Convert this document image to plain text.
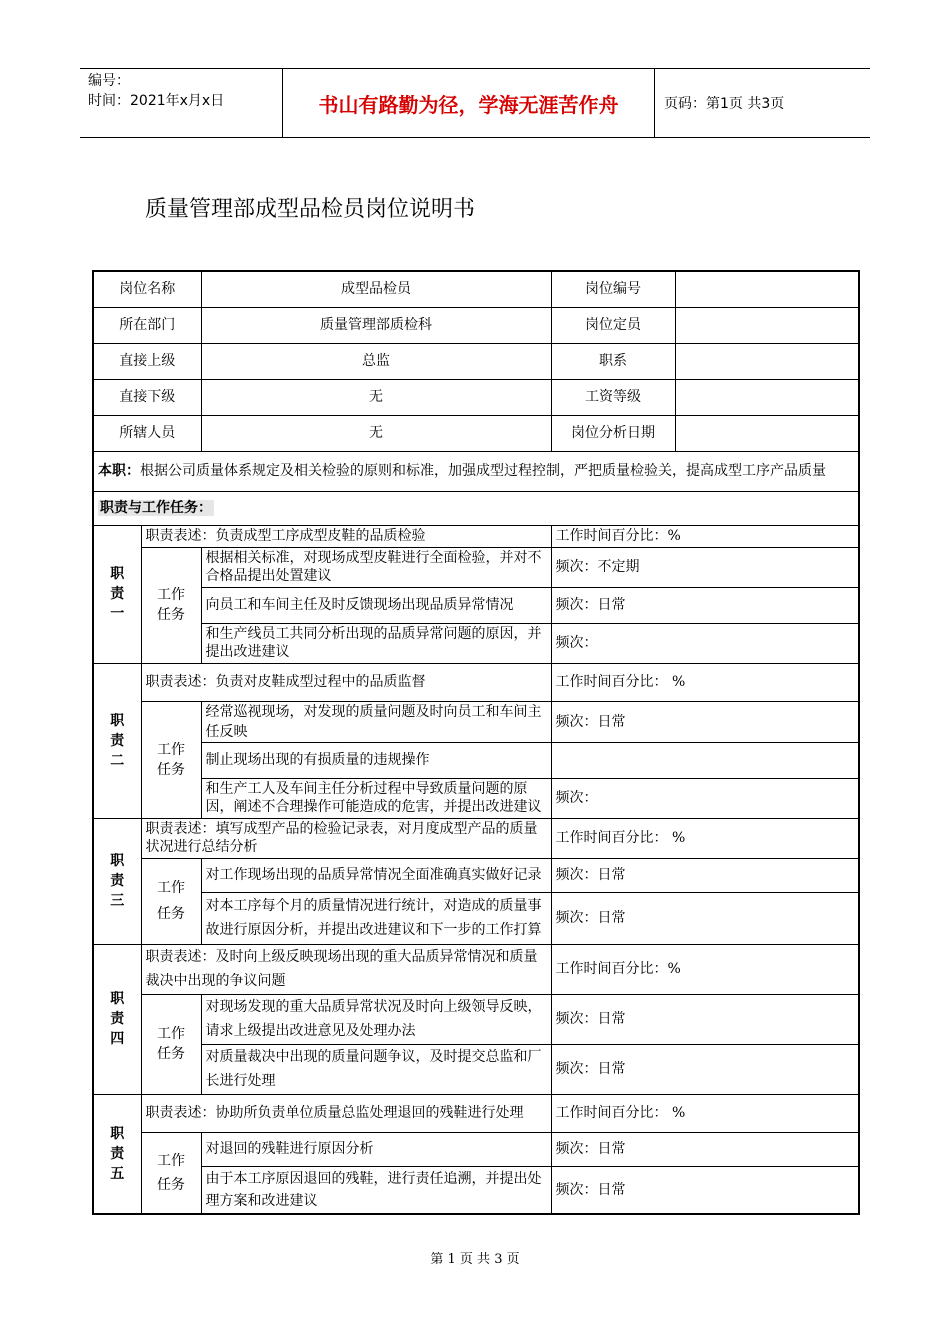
编号：
时间：2021年x月x日	书山有路勤为径，学海无涯苦作舟	页码：第1页 共3页
质量管理部成型品检员岗位说明书
岗位名称		成型品检员	岗位编号	
所在部门		质量管理部质检科	岗位定员	
直接上级		总监	职系	
直接下级		无	工资等级	
所辖人员		无	岗位分析日期	
本职：根据公司质量体系规定及相关检验的原则和标准，加强成型过程控制，严把质量检验关，提高成型工序产品质量				
职责与工作任务：				
职责一	职责表述：负责成型工序成型皮鞋的品质检验		工作时间百分比：%	
	工作任务	根据相关标准，对现场成型皮鞋进行全面检验，并对不合格品提出处置建议	频次：不定期	
		向员工和车间主任及时反馈现场出现品质异常情况	频次：日常	
		和生产线员工共同分析出现的品质异常问题的原因，并提出改进建议	频次：	
职责二	职责表述：负责对皮鞋成型过程中的品质监督		工作时间百分比： %	
	工作任务	经常巡视现场，对发现的质量问题及时向员工和车间主任反映	频次：日常	
		制止现场出现的有损质量的违规操作		
		和生产工人及车间主任分析过程中导致质量问题的原因，阐述不合理操作可能造成的危害，并提出改进建议	频次：	
职责三	职责表述：填写成型产品的检验记录表，对月度成型产品的质量状况进行总结分析		工作时间百分比： %	
	工作任务	对工作现场出现的品质异常情况全面准确真实做好记录	频次：日常	
		对本工序每个月的质量情况进行统计，对造成的质量事故进行原因分析，并提出改进建议和下一步的工作打算	频次：日常	
职责四	职责表述：及时向上级反映现场出现的重大品质异常情况和质量裁决中出现的争议问题		工作时间百分比：%	
	工作任务	对现场发现的重大品质异常状况及时向上级领导反映，请求上级提出改进意见及处理办法	频次：日常	
		对质量裁决中出现的质量问题争议，及时提交总监和厂长进行处理	频次：日常	
职责五	职责表述：协助所负责单位质量总监处理退回的残鞋进行处理		工作时间百分比： %	
	工作任务	对退回的残鞋进行原因分析	频次：日常	
		由于本工序原因退回的残鞋，进行责任追溯，并提出处理方案和改进建议	频次：日常	
第 1 页 共 3 页
